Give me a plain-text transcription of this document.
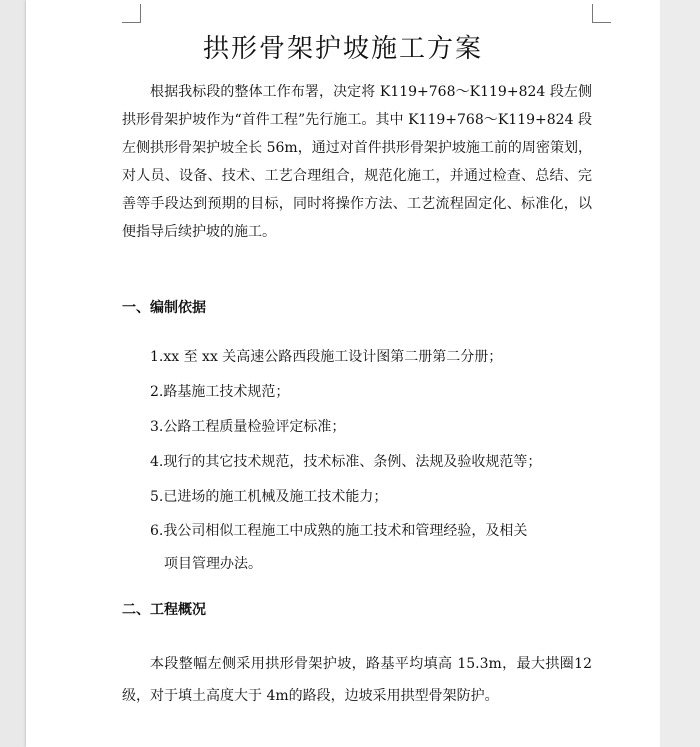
拱形骨架护坡施工方案

根据我标段的整体工作布署，决定将 K119+768～K119+824 段左侧拱形骨架护坡作为“首件工程”先行施工。其中 K119+768～K119+824 段左侧拱形骨架护坡全长 56m，通过对首件拱形骨架护坡施工前的周密策划，对人员、设备、技术、工艺合理组合，规范化施工，并通过检查、总结、完善等手段达到预期的目标，同时将操作方法、工艺流程固定化、标准化，以便指导后续护坡的施工。

一、编制依据
1.xx 至 xx 关高速公路西段施工设计图第二册第二分册；
2.路基施工技术规范；
3.公路工程质量检验评定标准；
4.现行的其它技术规范，技术标准、条例、法规及验收规范等；
5.已进场的施工机械及施工技术能力；
6.我公司相似工程施工中成熟的施工技术和管理经验，及相关
项目管理办法。
二、工程概况

本段整幅左侧采用拱形骨架护坡，路基平均填高 15.3m，最大拱圈12级，对于填土高度大于 4m的路段，边坡采用拱型骨架防护。
